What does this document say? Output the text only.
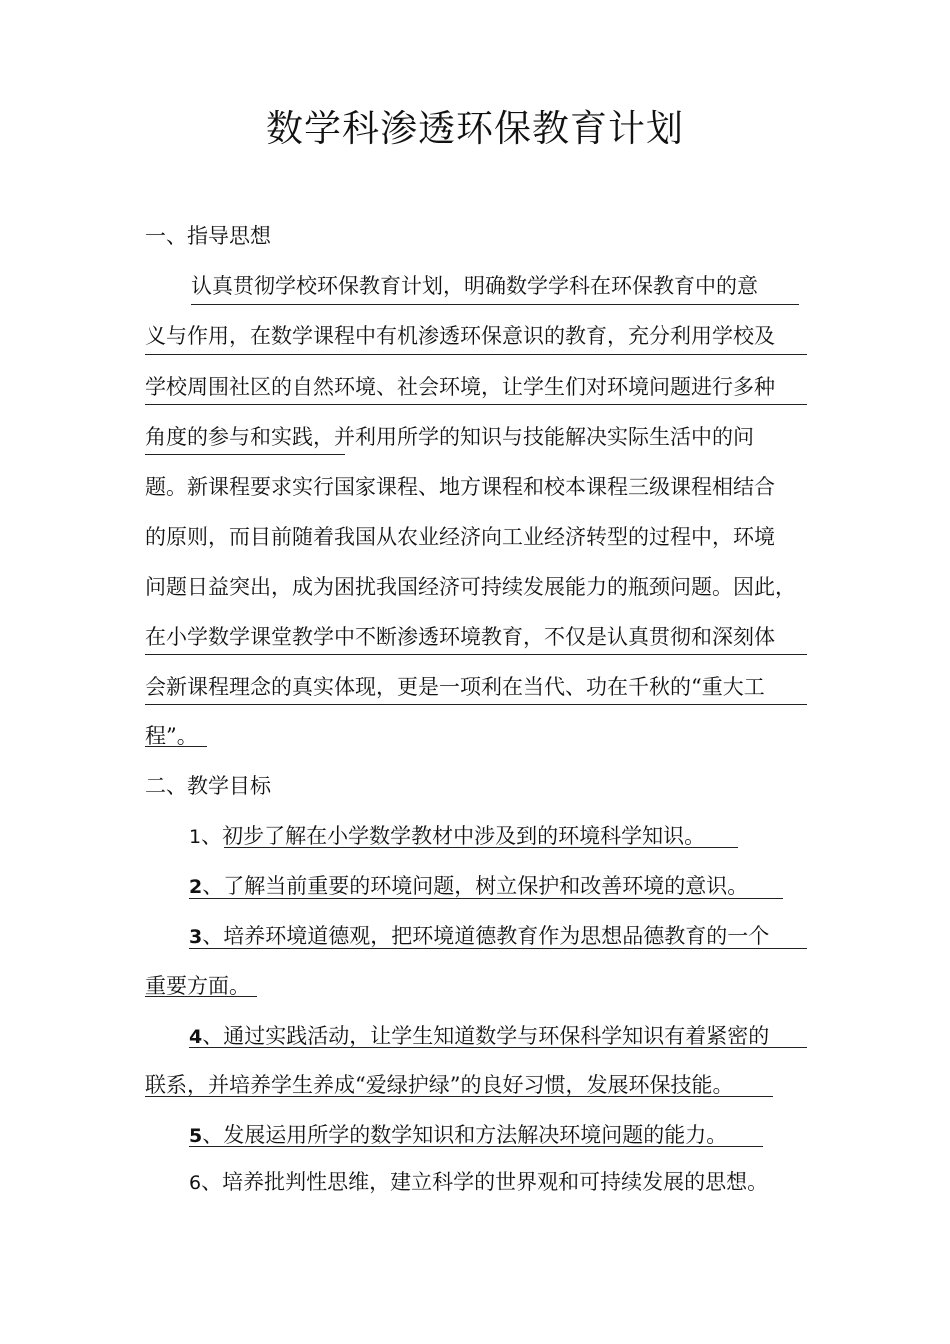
数学科渗透环保教育计划
一、指导思想
认真贯彻学校环保教育计划，明确数学学科在环保教育中的意
义与作用，在数学课程中有机渗透环保意识的教育，充分利用学校及
学校周围社区的自然环境、社会环境，让学生们对环境问题进行多种
角度的参与和实践，并利用所学的知识与技能解决实际生活中的问
题。新课程要求实行国家课程、地方课程和校本课程三级课程相结合
的原则，而目前随着我国从农业经济向工业经济转型的过程中，环境
问题日益突出，成为困扰我国经济可持续发展能力的瓶颈问题。因此，
在小学数学课堂教学中不断渗透环境教育，不仅是认真贯彻和深刻体
会新课程理念的真实体现，更是一项利在当代、功在千秋的“重大工
程”。
二、教学目标
1、初步了解在小学数学教材中涉及到的环境科学知识。
2、了解当前重要的环境问题，树立保护和改善环境的意识。
3、培养环境道德观，把环境道德教育作为思想品德教育的一个
重要方面。
4、通过实践活动，让学生知道数学与环保科学知识有着紧密的
联系，并培养学生养成“爱绿护绿”的良好习惯，发展环保技能。
5、发展运用所学的数学知识和方法解决环境问题的能力。
6、培养批判性思维，建立科学的世界观和可持续发展的思想。
